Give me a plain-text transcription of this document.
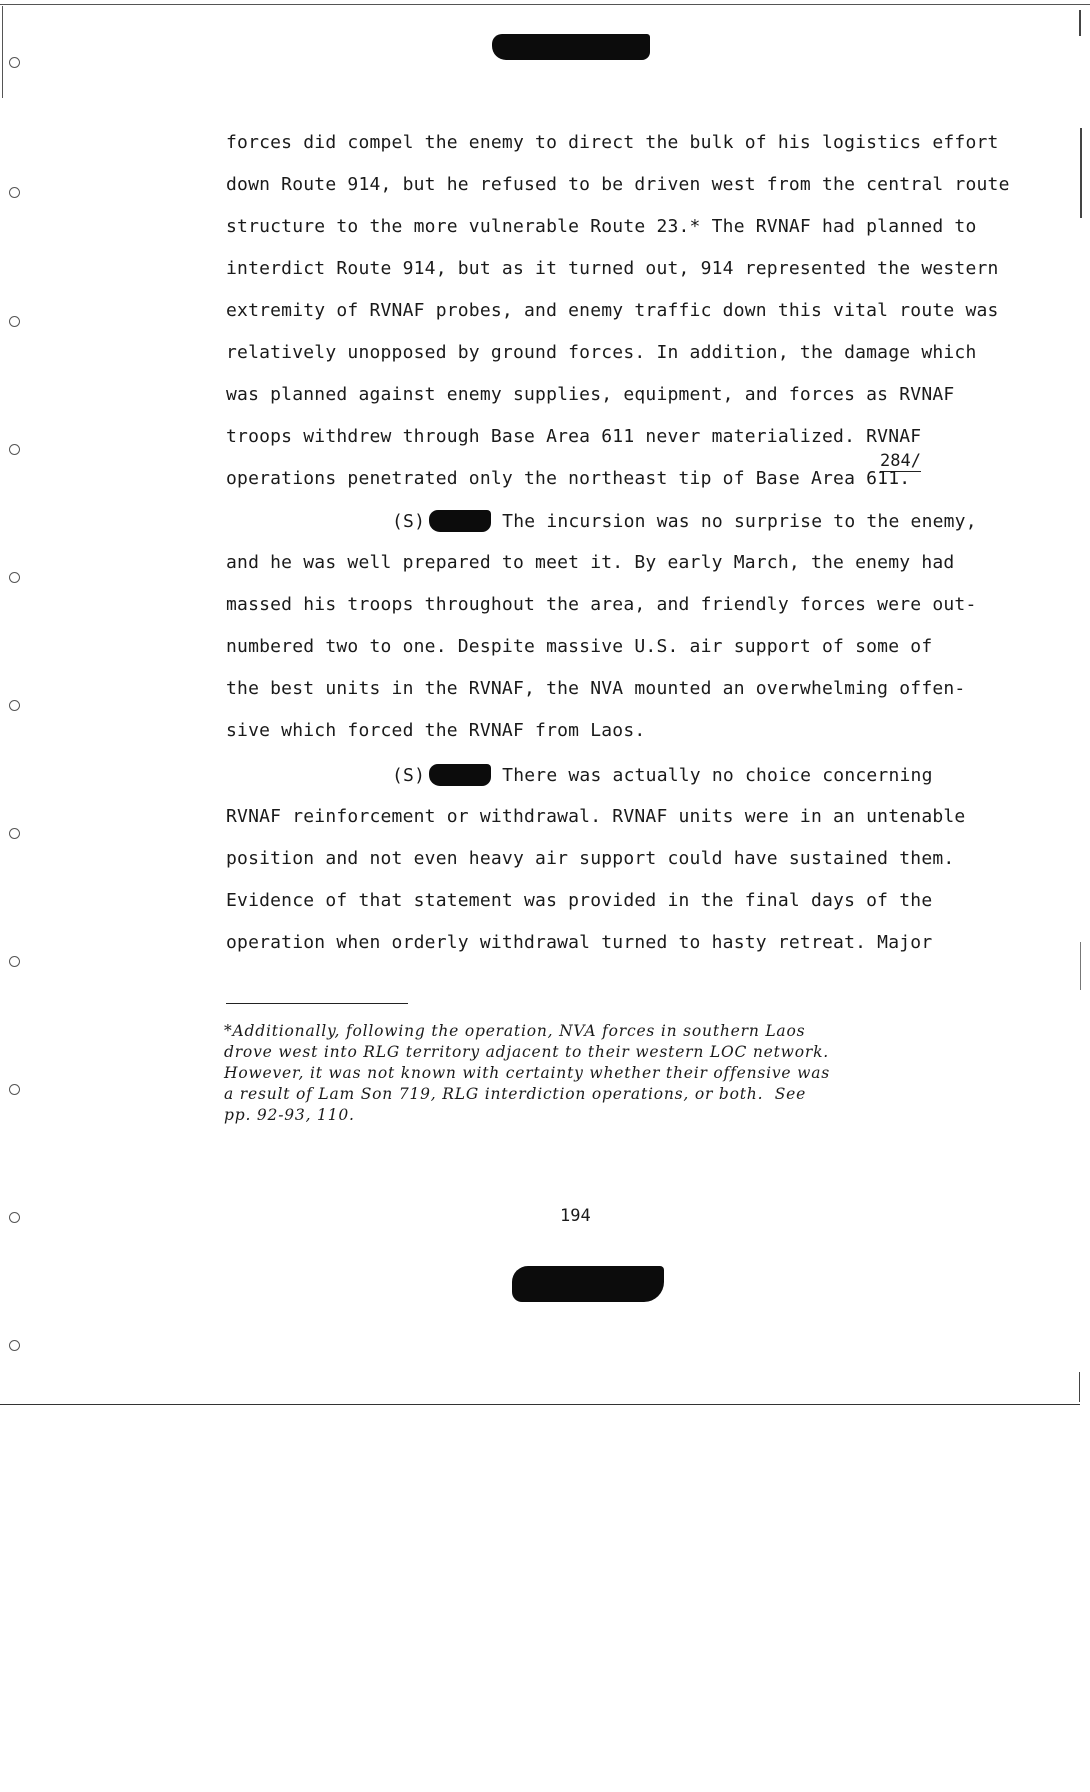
forces did compel the enemy to direct the bulk of his logistics effort
down Route 914, but he refused to be driven west from the central route
structure to the more vulnerable Route 23.* The RVNAF had planned to
interdict Route 914, but as it turned out, 914 represented the western
extremity of RVNAF probes, and enemy traffic down this vital route was
relatively unopposed by ground forces. In addition, the damage which
was planned against enemy supplies, equipment, and forces as RVNAF
troops withdrew through Base Area 611 never materialized. RVNAF
284/
operations penetrated only the northeast tip of Base Area 611.
(S)	The incursion was no surprise to the enemy,
and he was well prepared to meet it. By early March, the enemy had
massed his troops throughout the area, and friendly forces were out-
numbered two to one. Despite massive U.S. air support of some of
the best units in the RVNAF, the NVA mounted an overwhelming offen-
sive which forced the RVNAF from Laos.
(S)	There was actually no choice concerning
RVNAF reinforcement or withdrawal. RVNAF units were in an untenable
position and not even heavy air support could have sustained them.
Evidence of that statement was provided in the final days of the
operation when orderly withdrawal turned to hasty retreat. Major
*Additionally, following the operation, NVA forces in southern Laos
drove west into RLG territory adjacent to their western LOC network.
However, it was not known with certainty whether their offensive was
a result of Lam Son 719, RLG interdiction operations, or both.  See
pp. 92-93, 110.
194
